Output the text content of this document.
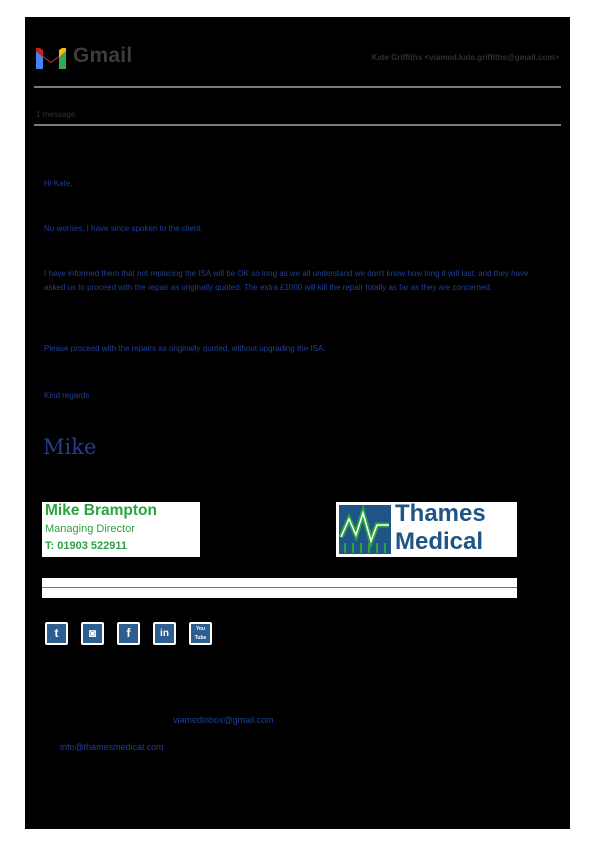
Gmail	Kate Griffiths <viamed.kate.griffiths@gmail.com>
1 message
Hi Kate,
No worries, I have since spoken to the client.
I have informed them that not replacing the ISA will be OK so long as we all understand we don't know how long it will last, and they have asked us to proceed with the repair as originally quoted. The extra £1000 will kill the repair totally as far as they are concerned.
Please proceed with the repairs as originally quoted, without upgrading the ISA.
Kind regards
Mike
Mike Brampton
Managing Director
T: 01903 522911
Thames
Medical
t	◙	f	in	You Tube
viamedinbox@gmail.com
info@thamesmedical.com
